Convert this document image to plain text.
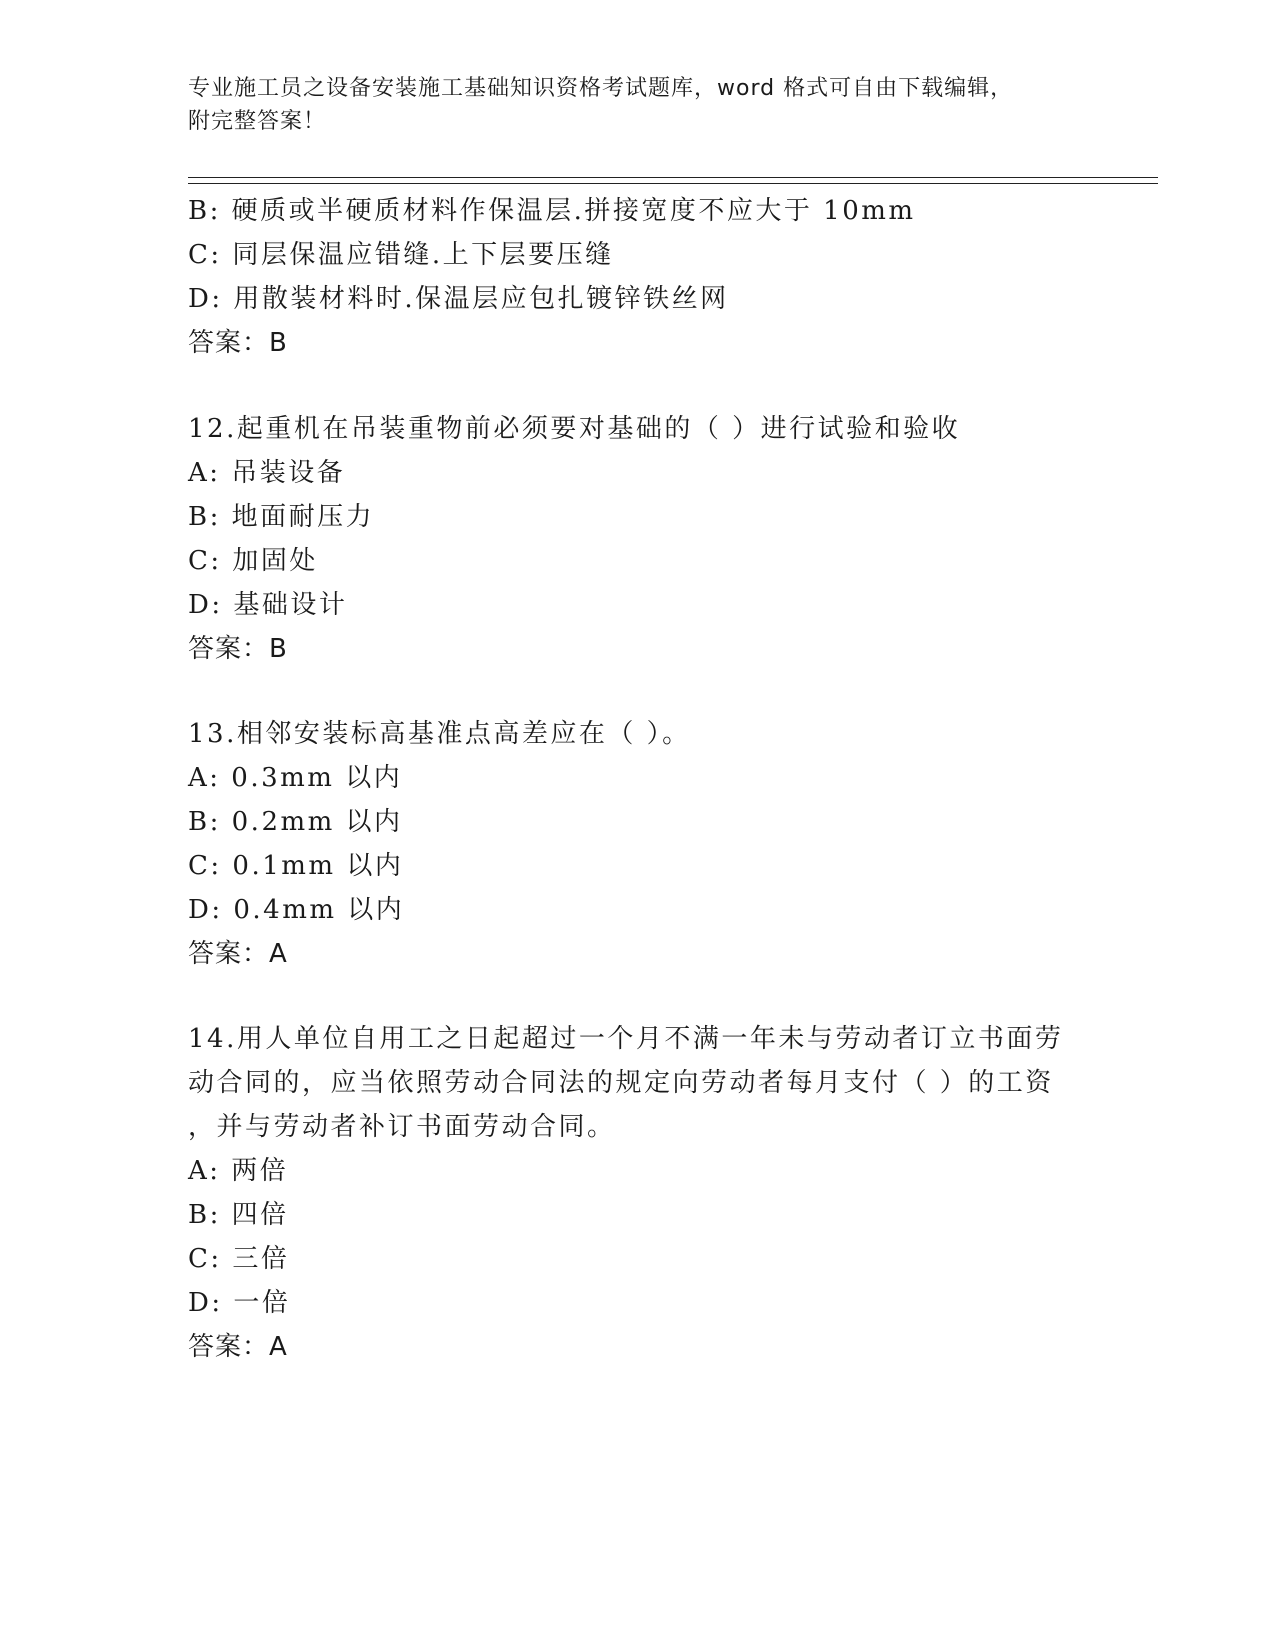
专业施工员之设备安装施工基础知识资格考试题库，word 格式可自由下载编辑，
附完整答案！
B: 硬质或半硬质材料作保温层.拼接宽度不应大于 10mm
C: 同层保温应错缝.上下层要压缝
D: 用散装材料时.保温层应包扎镀锌铁丝网
答案：B
12.起重机在吊装重物前必须要对基础的（ ）进行试验和验收
A: 吊装设备
B: 地面耐压力
C: 加固处
D: 基础设计
答案：B
13.相邻安装标高基准点高差应在（ ）。
A: 0.3mm 以内
B: 0.2mm 以内
C: 0.1mm 以内
D: 0.4mm 以内
答案：A
14.用人单位自用工之日起超过一个月不满一年未与劳动者订立书面劳
动合同的，应当依照劳动合同法的规定向劳动者每月支付（ ）的工资
，并与劳动者补订书面劳动合同。
A: 两倍
B: 四倍
C: 三倍
D: 一倍
答案：A
